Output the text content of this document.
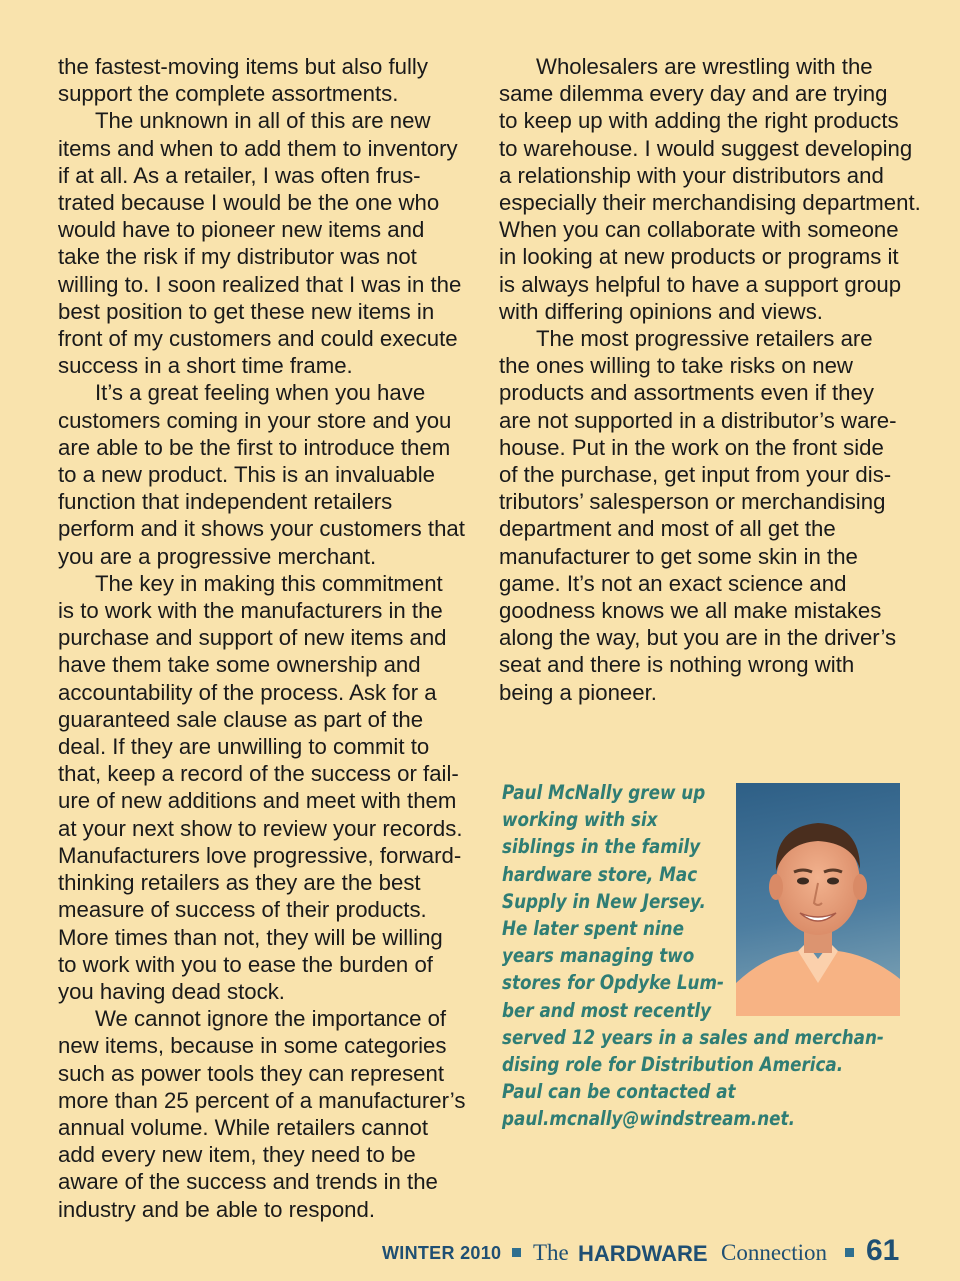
the fastest-moving items but also fully
support the complete assortments.
The unknown in all of this are new
items and when to add them to inventory
if at all. As a retailer, I was often frus-
trated because I would be the one who
would have to pioneer new items and
take the risk if my distributor was not
willing to. I soon realized that I was in the
best position to get these new items in
front of my customers and could execute
success in a short time frame.
It’s a great feeling when you have
customers coming in your store and you
are able to be the first to introduce them
to a new product. This is an invaluable
function that independent retailers
perform and it shows your customers that
you are a progressive merchant.
The key in making this commitment
is to work with the manufacturers in the
purchase and support of new items and
have them take some ownership and
accountability of the process. Ask for a
guaranteed sale clause as part of the
deal. If they are unwilling to commit to
that, keep a record of the success or fail-
ure of new additions and meet with them
at your next show to review your records.
Manufacturers love progressive, forward-
thinking retailers as they are the best
measure of success of their products.
More times than not, they will be willing
to work with you to ease the burden of
you having dead stock.
We cannot ignore the importance of
new items, because in some categories
such as power tools they can represent
more than 25 percent of a manufacturer’s
annual volume. While retailers cannot
add every new item, they need to be
aware of the success and trends in the
industry and be able to respond.
Wholesalers are wrestling with the
same dilemma every day and are trying
to keep up with adding the right products
to warehouse. I would suggest developing
a relationship with your distributors and
especially their merchandising department.
When you can collaborate with someone
in looking at new products or programs it
is always helpful to have a support group
with differing opinions and views.
The most progressive retailers are
the ones willing to take risks on new
products and assortments even if they
are not supported in a distributor’s ware-
house. Put in the work on the front side
of the purchase, get input from your dis-
tributors’ salesperson or merchandising
department and most of all get the
manufacturer to get some skin in the
game. It’s not an exact science and
goodness knows we all make mistakes
along the way, but you are in the driver’s
seat and there is nothing wrong with
being a pioneer.
Paul McNally grew up
working with six
siblings in the family
hardware store, Mac
Supply in New Jersey.
He later spent nine
years managing two
stores for Opdyke Lum-
ber and most recently
served 12 years in a sales and merchan-
dising role for Distribution America.
Paul can be contacted at
paul.mcnally@windstream.net.
WINTER 2010 The HARDWARE Connection 61
